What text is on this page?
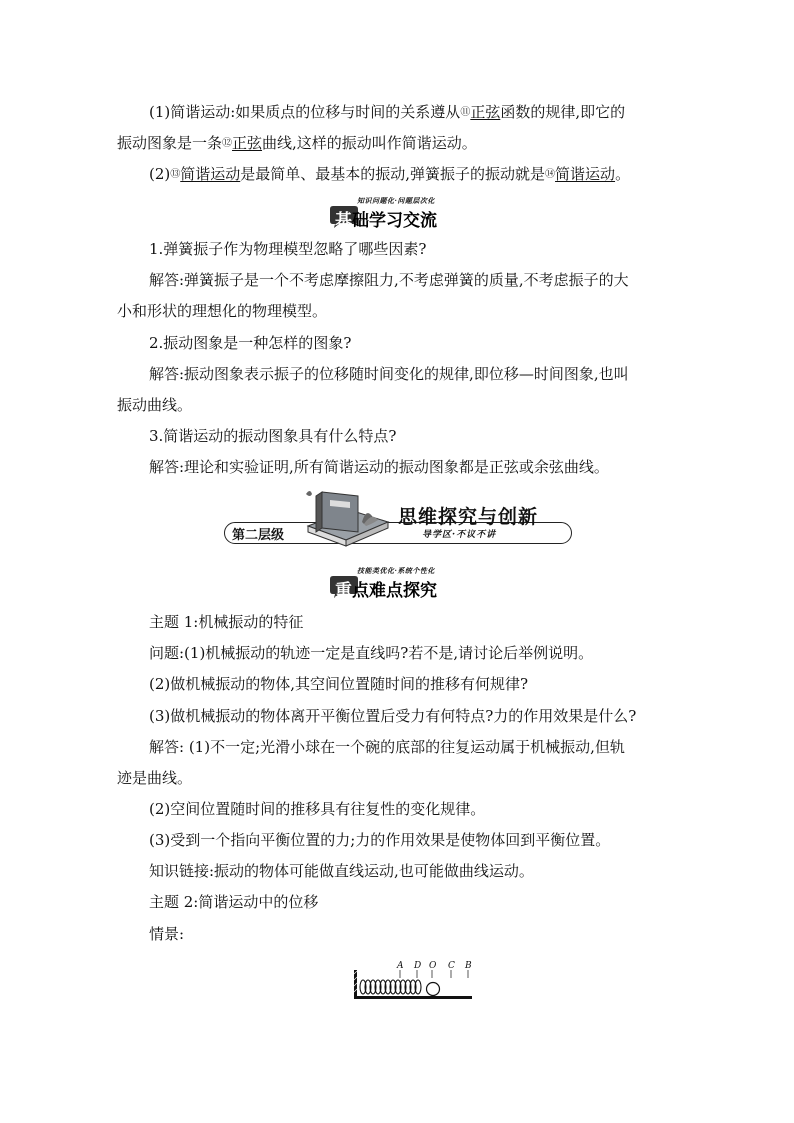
(1)简谐运动:如果质点的位移与时间的关系遵从⑪正弦函数的规律,即它的
振动图象是一条⑫正弦曲线,这样的振动叫作简谐运动。
(2)⑬简谐运动是最简单、最基本的振动,弹簧振子的振动就是⑭简谐运动。
知识问题化·问题层次化
基础学习交流
1.弹簧振子作为物理模型忽略了哪些因素?
解答:弹簧振子是一个不考虑摩擦阻力,不考虑弹簧的质量,不考虑振子的大
小和形状的理想化的物理模型。
2.振动图象是一种怎样的图象?
解答:振动图象表示振子的位移随时间变化的规律,即位移—时间图象,也叫
振动曲线。
3.简谐运动的振动图象具有什么特点?
解答:理论和实验证明,所有简谐运动的振动图象都是正弦或余弦曲线。
第二层级
思维探究与创新
导学区·不议不讲
技能类优化·系统个性化
重点难点探究
主题 1:机械振动的特征
问题:(1)机械振动的轨迹一定是直线吗?若不是,请讨论后举例说明。
(2)做机械振动的物体,其空间位置随时间的推移有何规律?
(3)做机械振动的物体离开平衡位置后受力有何特点?力的作用效果是什么?
解答: (1)不一定;光滑小球在一个碗的底部的往复运动属于机械振动,但轨
迹是曲线。
(2)空间位置随时间的推移具有往复性的变化规律。
(3)受到一个指向平衡位置的力;力的作用效果是使物体回到平衡位置。
知识链接:振动的物体可能做直线运动,也可能做曲线运动。
主题 2:简谐运动中的位移
情景:
A D O C B
